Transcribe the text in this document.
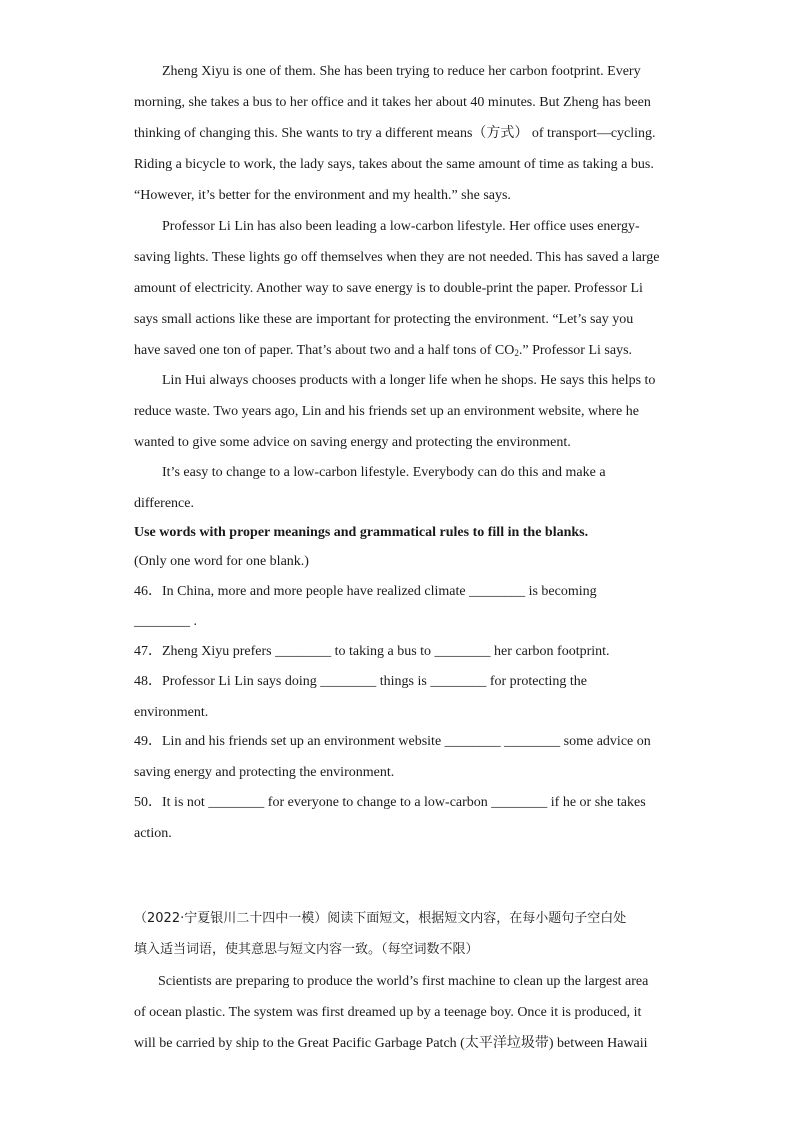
Zheng Xiyu is one of them. She has been trying to reduce her carbon footprint. Every
morning, she takes a bus to her office and it takes her about 40 minutes. But Zheng has been
thinking of changing this. She wants to try a different means（方式） of transport—cycling.
Riding a bicycle to work, the lady says, takes about the same amount of time as taking a bus.
“However, it’s better for the environment and my health.” she says.
Professor Li Lin has also been leading a low-carbon lifestyle. Her office uses energy-
saving lights. These lights go off themselves when they are not needed. This has saved a large
amount of electricity. Another way to save energy is to double-print the paper. Professor Li
says small actions like these are important for protecting the environment. “Let’s say you
have saved one ton of paper. That’s about two and a half tons of $CO_2$.” Professor Li says.
Lin Hui always chooses products with a longer life when he shops. He says this helps to
reduce waste. Two years ago, Lin and his friends set up an environment website, where he
wanted to give some advice on saving energy and protecting the environment.
It’s easy to change to a low-carbon lifestyle. Everybody can do this and make a
difference.
Use words with proper meanings and grammatical rules to fill in the blanks.
(Only one word for one blank.)
46．In China, more and more people have realized climate ________ is becoming
________ .
47．Zheng Xiyu prefers ________ to taking a bus to ________ her carbon footprint.
48．Professor Li Lin says doing ________ things is ________ for protecting the
environment.
49．Lin and his friends set up an environment website ________ ________ some advice on
saving energy and protecting the environment.
50．It is not ________ for everyone to change to a low-carbon ________ if he or she takes
action.
（2022·宁夏银川二十四中一模）阅读下面短文，根据短文内容，在每小题句子空白处
填入适当词语，使其意思与短文内容一致。（每空词数不限）
Scientists are preparing to produce the world’s first machine to clean up the largest area
of ocean plastic. The system was first dreamed up by a teenage boy. Once it is produced, it
will be carried by ship to the Great Pacific Garbage Patch (太平洋垃圾带) between Hawaii
